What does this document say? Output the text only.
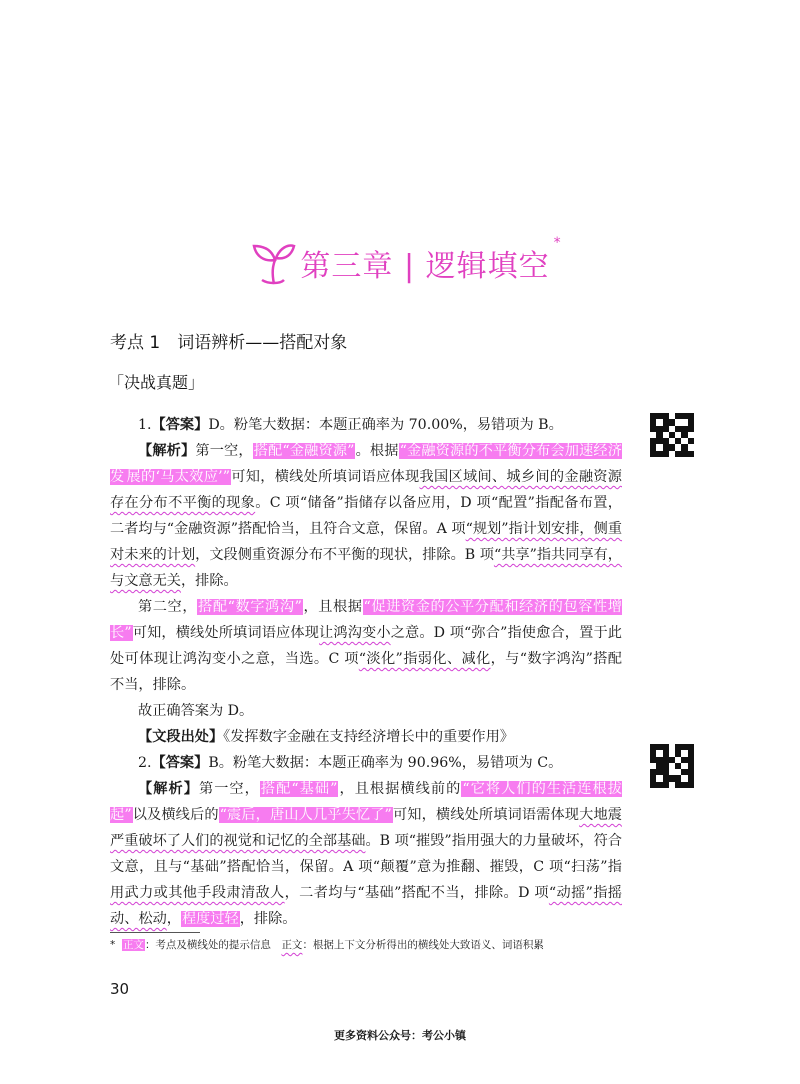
第三章 | 逻辑填空
*
考点 1　词语辨析——搭配对象
「决战真题」

1.【答案】D。粉笔大数据：本题正确率为 70.00%，易错项为 B。

【解析】第一空，搭配“金融资源”。根据“金融资源的不平衡分布会加速经济发 展的‘马太效应’”可知，横线处所填词语应体现我国区域间、城乡间的金融资源存在分布不平衡的现象。C 项“储备”指储存以备应用，D 项“配置”指配备布置，二者均与“金融资源”搭配恰当，且符合文意，保留。A 项“规划”指计划安排，侧重对未来的计划，文段侧重资源分布不平衡的现状，排除。B 项“共享”指共同享有，与文意无关，排除。

第二空，搭配“数字鸿沟”，且根据“促进资金的公平分配和经济的包容性增长”可知，横线处所填词语应体现让鸿沟变小之意。D 项“弥合”指使愈合，置于此处可体现让鸿沟变小之意，当选。C 项“淡化”指弱化、减化，与“数字鸿沟”搭配不当，排除。

故正确答案为 D。

【文段出处】《发挥数字金融在支持经济增长中的重要作用》

2.【答案】B。粉笔大数据：本题正确率为 90.96%，易错项为 C。

【解析】第一空，搭配“基础”，且根据横线前的“它将人们的生活连根拔起”以及横线后的“震后，唐山人几乎失忆了”可知，横线处所填词语需体现大地震严重破坏了人们的视觉和记忆的全部基础。B 项“摧毁”指用强大的力量破坏，符合文意，且与“基础”搭配恰当，保留。A 项“颠覆”意为推翻、摧毁，C 项“扫荡”指用武力或其他手段肃清敌人，二者均与“基础”搭配不当，排除。D 项“动摇”指摇动、松动，程度过轻，排除。

* 正文：考点及横线处的提示信息　正文：根据上下文分析得出的横线处大致语义、词语积累
30
更多资料公众号：考公小镇
